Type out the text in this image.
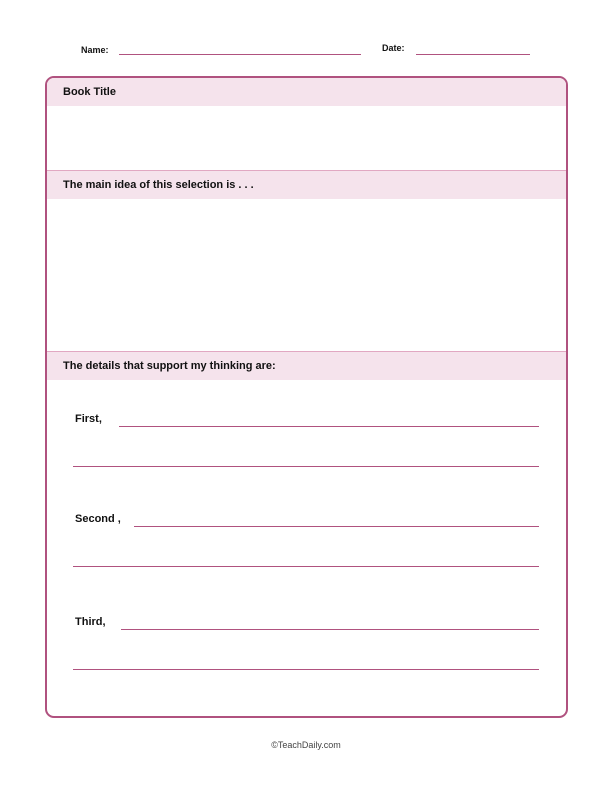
Name:	Date:
Book Title
The main idea of this selection is . . .
The details that support my thinking are:
First,
Second ,
Third,
©TeachDaily.com
